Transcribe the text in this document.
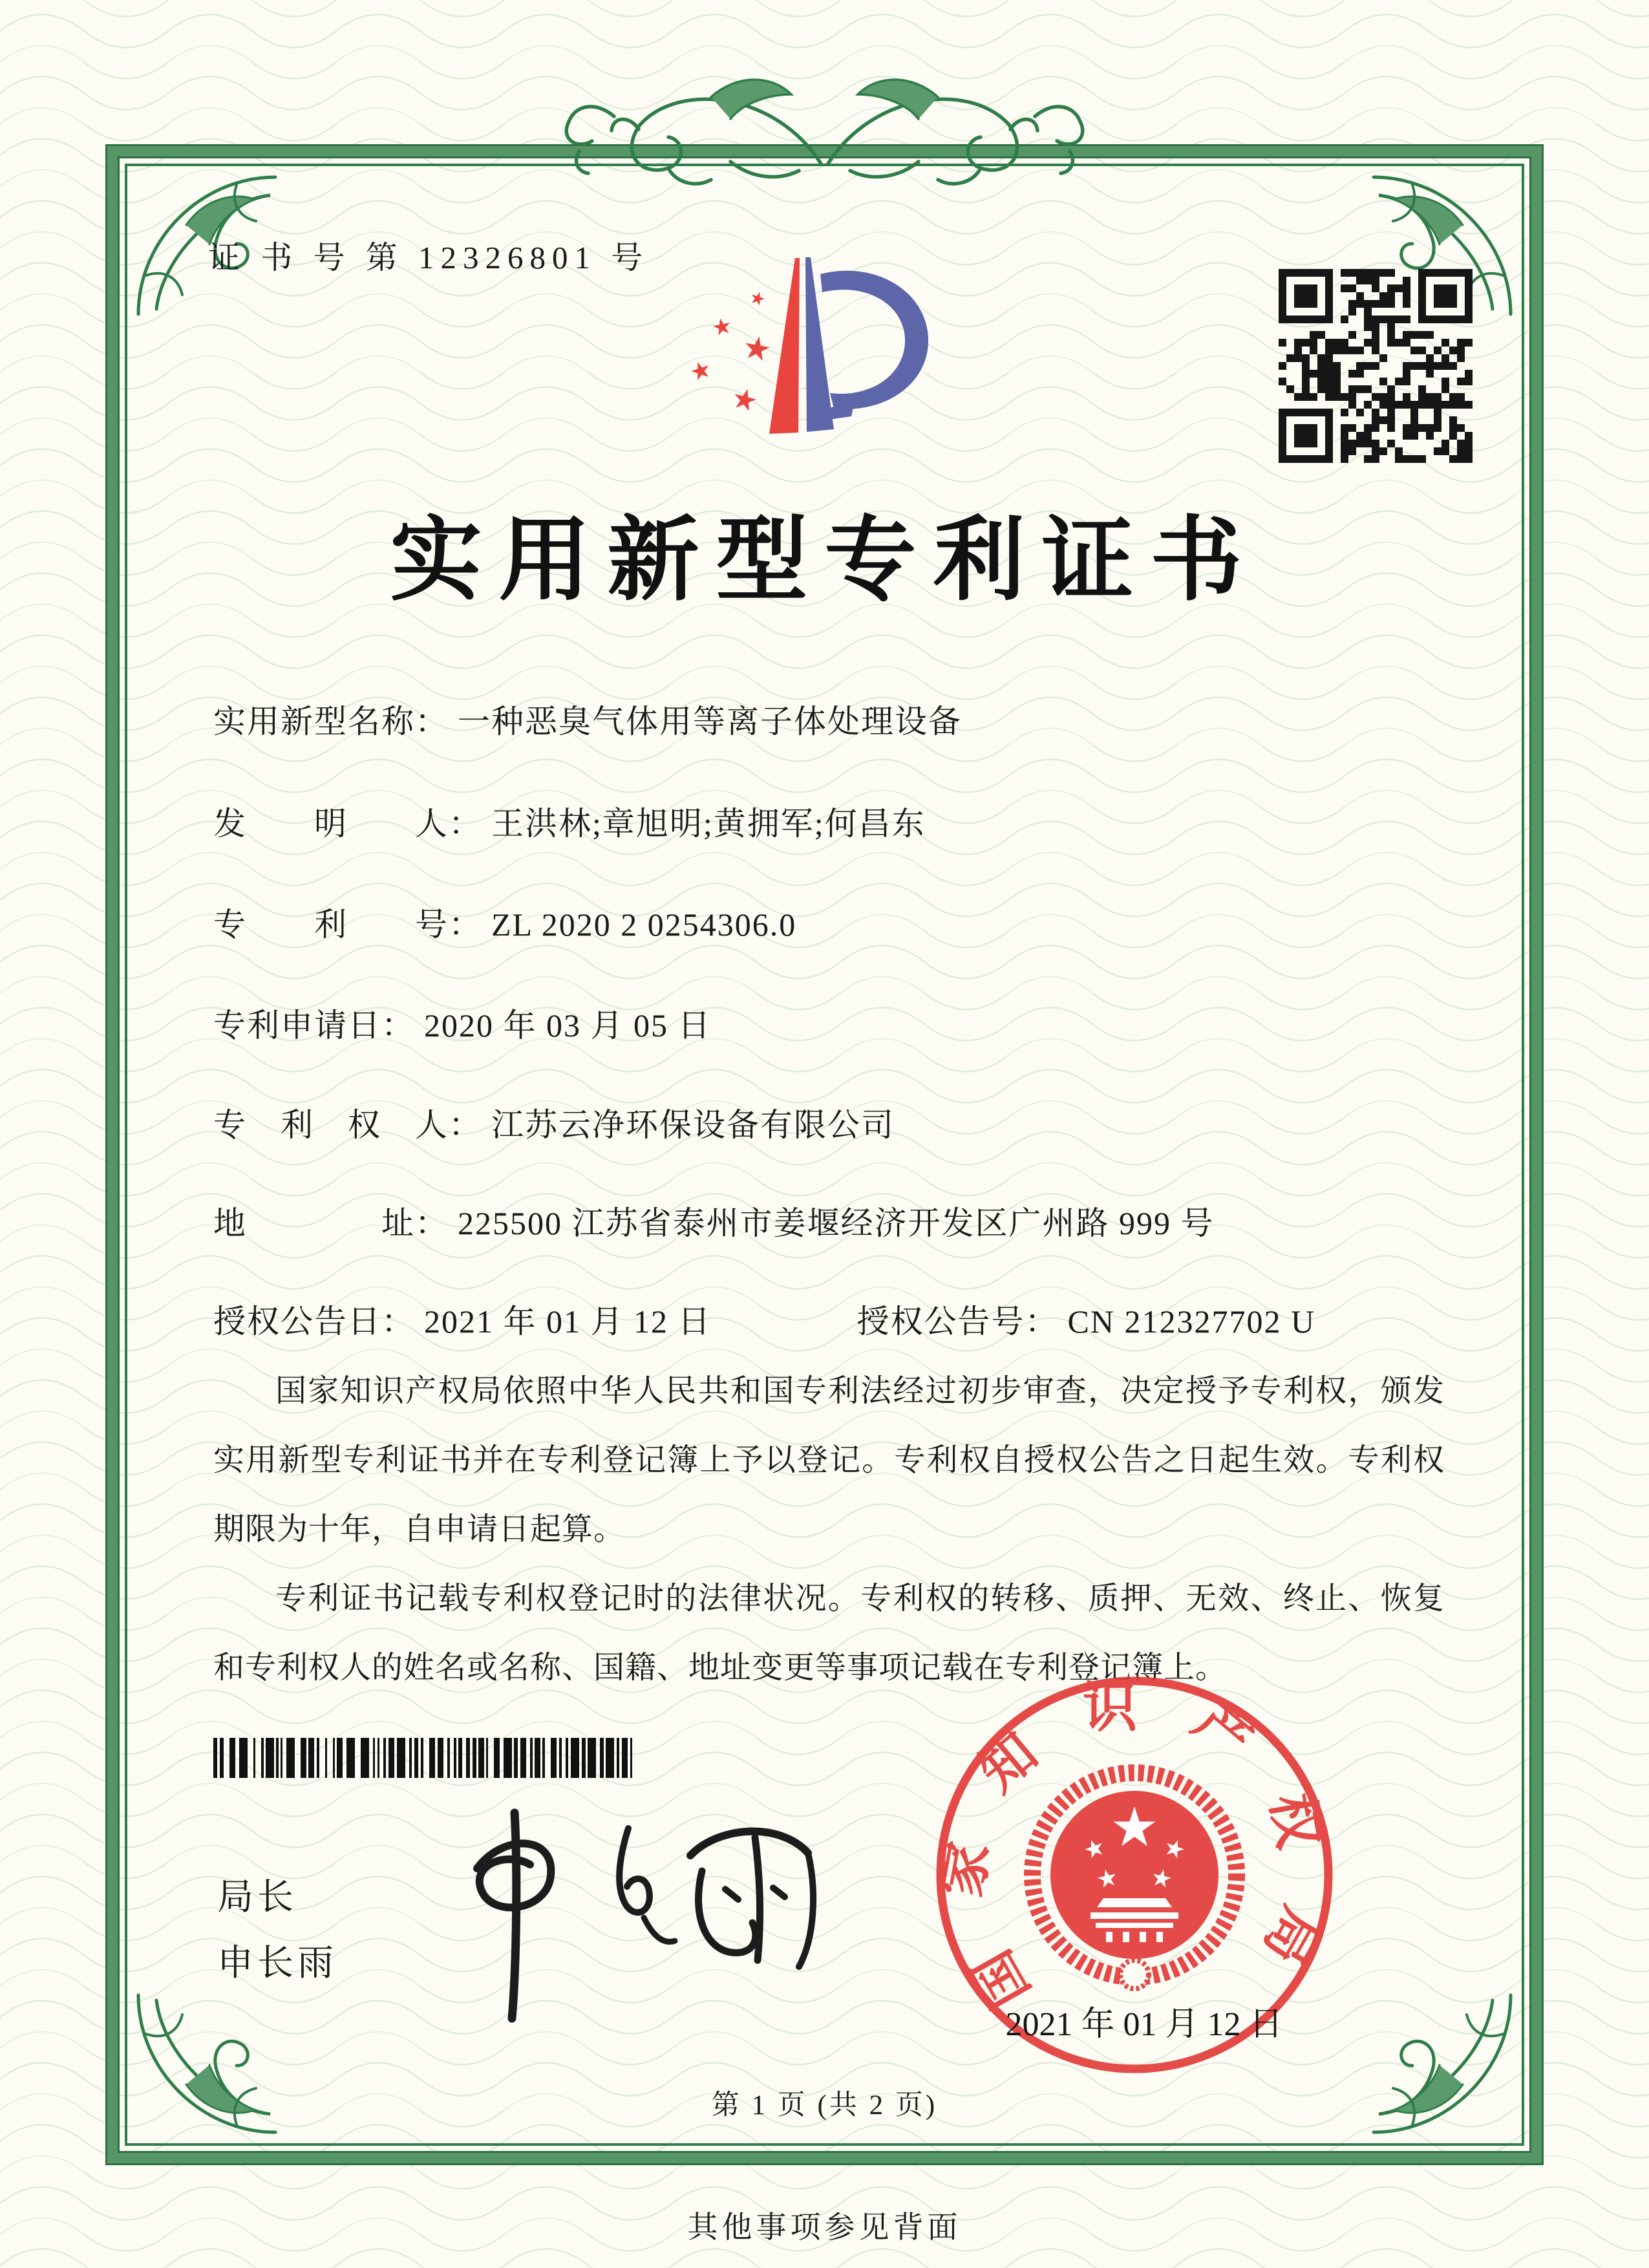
证 书 号 第 12326801 号
实用新型专利证书
实用新型名称： 一种恶臭气体用等离子体处理设备
发　　明　　人： 王洪林;章旭明;黄拥军;何昌东
专　　利　　号： ZL 2020 2 0254306.0
专利申请日： 2020 年 03 月 05 日
专　利　权　人： 江苏云净环保设备有限公司
地　　　　址： 225500 江苏省泰州市姜堰经济开发区广州路 999 号
授权公告日： 2021 年 01 月 12 日	授权公告号： CN 212327702 U

国家知识产权局依照中华人民共和国专利法经过初步审查，决定授予专利权，颁发实用新型专利证书并在专利登记簿上予以登记。专利权自授权公告之日起生效。专利权期限为十年，自申请日起算。

专利证书记载专利权登记时的法律状况。专利权的转移、质押、无效、终止、恢复和专利权人的姓名或名称、国籍、地址变更等事项记载在专利登记簿上。

局长
申长雨	国家知识产权局
2021 年 01 月 12 日
第 1 页 (共 2 页)
其他事项参见背面
